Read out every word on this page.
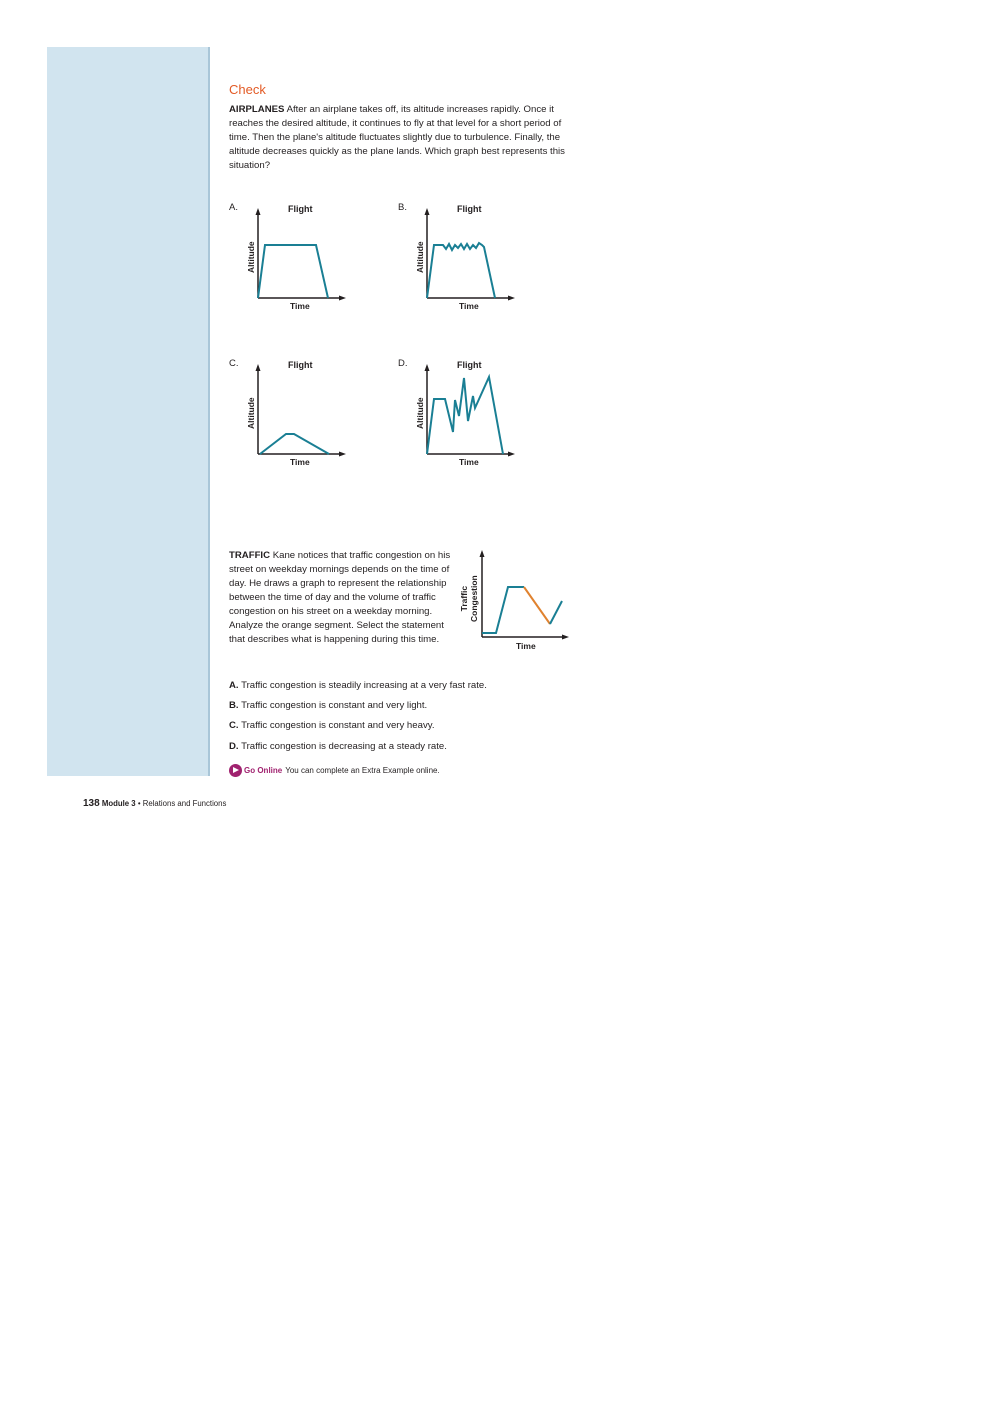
Check
AIRPLANES After an airplane takes off, its altitude increases rapidly. Once it reaches the desired altitude, it continues to fly at that level for a short period of time. Then the plane's altitude fluctuates slightly due to turbulence. Finally, the altitude decreases quickly as the plane lands. Which graph best represents this situation?
A.	Flight
Altitude
Time
B.	Flight
Altitude
Time
C.	Flight
Altitude
Time
D.	Flight
Altitude
Time
TRAFFIC Kane notices that traffic congestion on his street on weekday mornings depends on the time of day. He draws a graph to represent the relationship between the time of day and the volume of traffic congestion on his street on a weekday morning. Analyze the orange segment. Select the statement that describes what is happening during this time.
Traffic
Congestion
Time
A. Traffic congestion is steadily increasing at a very fast rate.
B. Traffic congestion is constant and very light.
C. Traffic congestion is constant and very heavy.
D. Traffic congestion is decreasing at a steady rate.
Go Online You can complete an Extra Example online.
138 Module 3 • Relations and Functions
